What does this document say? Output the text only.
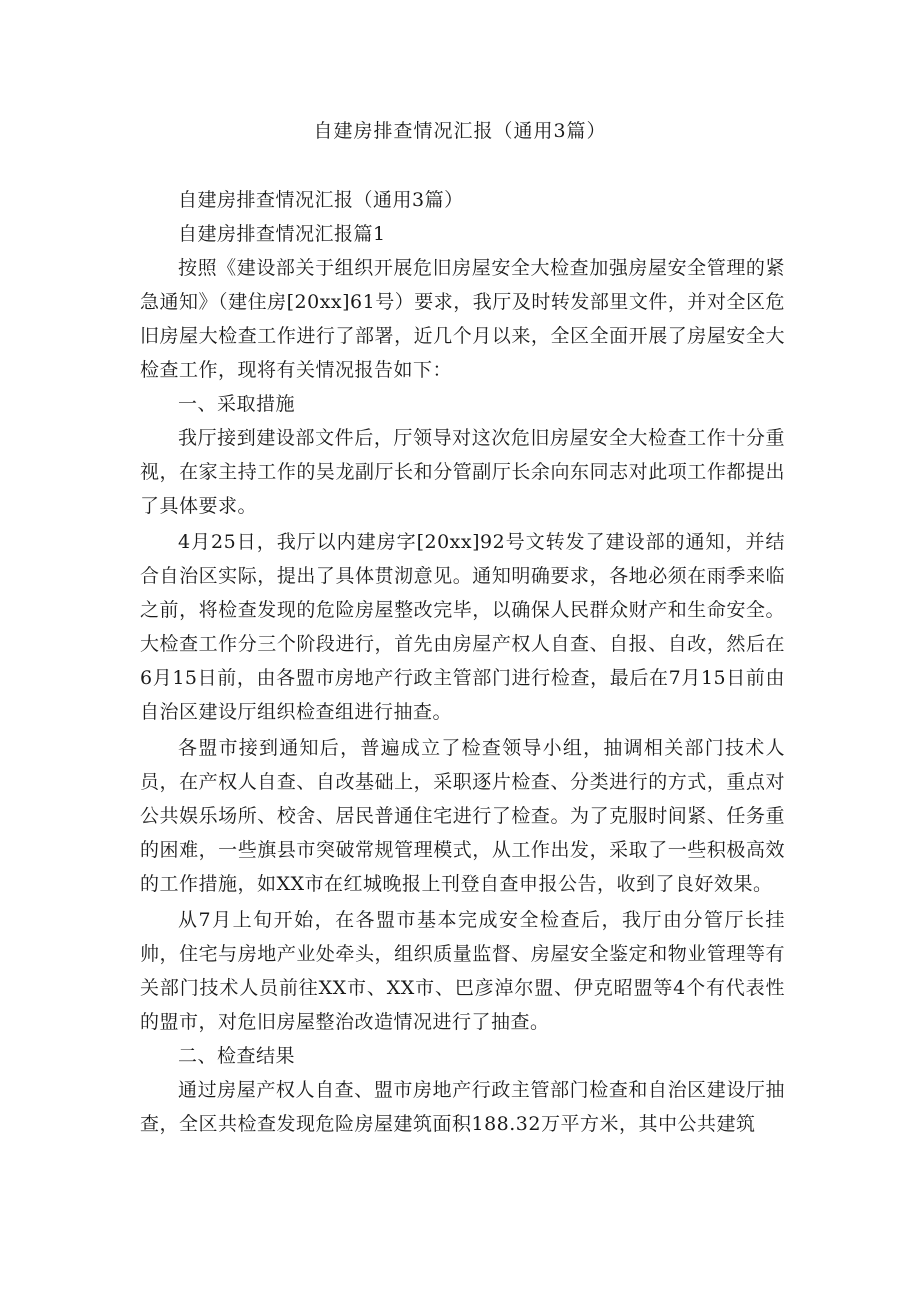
自建房排查情况汇报（通用3篇）

自建房排查情况汇报（通用3篇）

自建房排查情况汇报篇1

按照《建设部关于组织开展危旧房屋安全大检查加强房屋安全管理的紧急通知》（建住房[20xx]61号）要求，我厅及时转发部里文件，并对全区危旧房屋大检查工作进行了部署，近几个月以来，全区全面开展了房屋安全大检查工作，现将有关情况报告如下：

一、采取措施

我厅接到建设部文件后，厅领导对这次危旧房屋安全大检查工作十分重视，在家主持工作的吴龙副厅长和分管副厅长余向东同志对此项工作都提出了具体要求。

4月25日，我厅以内建房字[20xx]92号文转发了建设部的通知，并结合自治区实际，提出了具体贯沏意见。通知明确要求，各地必须在雨季来临之前，将检查发现的危险房屋整改完毕，以确保人民群众财产和生命安全。大检查工作分三个阶段进行，首先由房屋产权人自查、自报、自改，然后在6月15日前，由各盟市房地产行政主管部门进行检查，最后在7月15日前由自治区建设厅组织检查组进行抽查。

各盟市接到通知后，普遍成立了检查领导小组，抽调相关部门技术人员，在产权人自查、自改基础上，采职逐片检查、分类进行的方式，重点对公共娱乐场所、校舍、居民普通住宅进行了检查。为了克服时间紧、任务重的困难，一些旗县市突破常规管理模式，从工作出发，采取了一些积极高效的工作措施，如XX市在红城晚报上刊登自查申报公告，收到了良好效果。

从7月上旬开始，在各盟市基本完成安全检查后，我厅由分管厅长挂帅，住宅与房地产业处牵头，组织质量监督、房屋安全鉴定和物业管理等有关部门技术人员前往XX市、XX市、巴彦淖尔盟、伊克昭盟等4个有代表性的盟市，对危旧房屋整治改造情况进行了抽查。

二、检查结果

通过房屋产权人自查、盟市房地产行政主管部门检查和自治区建设厅抽查，全区共检查发现危险房屋建筑面积188.32万平方米，其中公共建筑
